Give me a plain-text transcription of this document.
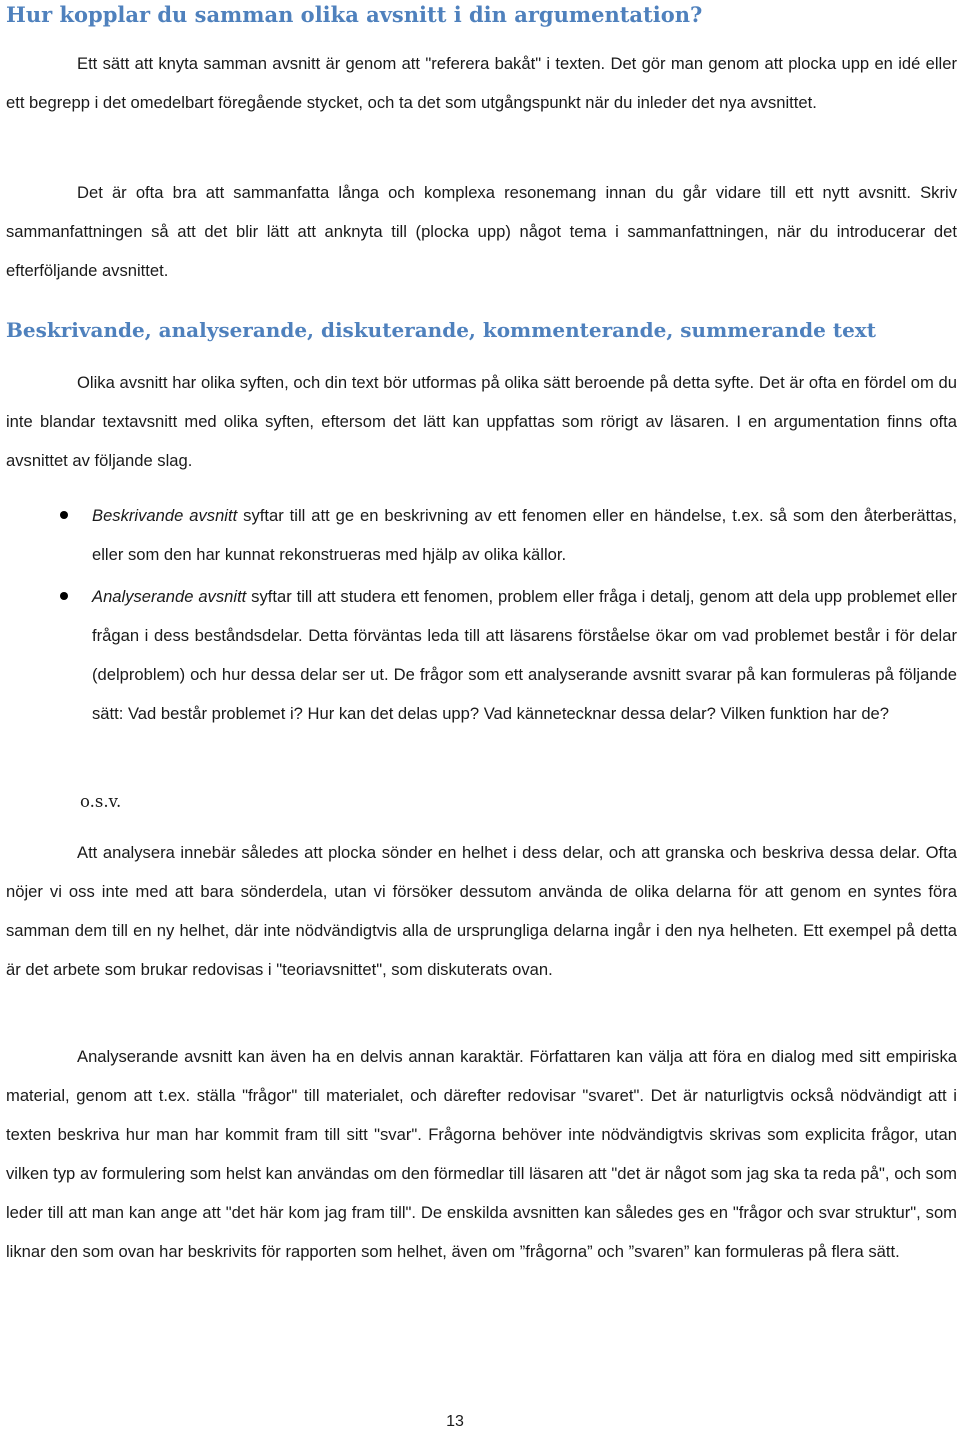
Hur kopplar du samman olika avsnitt i din argumentation?

Ett sätt att knyta samman avsnitt är genom att "referera bakåt" i texten. Det gör man genom att plocka upp en idé eller ett begrepp i det omedelbart föregående stycket, och ta det som utgångspunkt när du inleder det nya avsnittet.

Det är ofta bra att sammanfatta långa och komplexa resonemang innan du går vidare till ett nytt avsnitt. Skriv sammanfattningen så att det blir lätt att anknyta till (plocka upp) något tema i sammanfattningen, när du introducerar det efterföljande avsnittet.

Beskrivande, analyserande, diskuterande, kommenterande, summerande text

Olika avsnitt har olika syften, och din text bör utformas på olika sätt beroende på detta syfte. Det är ofta en fördel om du inte blandar textavsnitt med olika syften, eftersom det lätt kan uppfattas som rörigt av läsaren. I en argumentation finns ofta avsnittet av följande slag.

Beskrivande avsnitt syftar till att ge en beskrivning av ett fenomen eller en händelse, t.ex. så som den återberättas, eller som den har kunnat rekonstrueras med hjälp av olika källor.
Analyserande avsnitt syftar till att studera ett fenomen, problem eller fråga i detalj, genom att dela upp problemet eller frågan i dess beståndsdelar. Detta förväntas leda till att läsarens förståelse ökar om vad problemet består i för delar (delproblem) och hur dessa delar ser ut. De frågor som ett analyserande avsnitt svarar på kan formuleras på följande sätt: Vad består problemet i? Hur kan det delas upp? Vad kännetecknar dessa delar? Vilken funktion har de?

o.s.v.

Att analysera innebär således att plocka sönder en helhet i dess delar, och att granska och beskriva dessa delar. Ofta nöjer vi oss inte med att bara sönderdela, utan vi försöker dessutom använda de olika delarna för att genom en syntes föra samman dem till en ny helhet, där inte nödvändigtvis alla de ursprungliga delarna ingår i den nya helheten. Ett exempel på detta är det arbete som brukar redovisas i "teoriavsnittet", som diskuterats ovan.

Analyserande avsnitt kan även ha en delvis annan karaktär. Författaren kan välja att föra en dialog med sitt empiriska material, genom att t.ex. ställa "frågor" till materialet, och därefter redovisar "svaret". Det är naturligtvis också nödvändigt att i texten beskriva hur man har kommit fram till sitt "svar". Frågorna behöver inte nödvändigtvis skrivas som explicita frågor, utan vilken typ av formulering som helst kan användas om den förmedlar till läsaren att "det är något som jag ska ta reda på", och som leder till att man kan ange att "det här kom jag fram till". De enskilda avsnitten kan således ges en "frågor och svar struktur", som liknar den som ovan har beskrivits för rapporten som helhet, även om ”frågorna” och ”svaren” kan formuleras på flera sätt.

13
